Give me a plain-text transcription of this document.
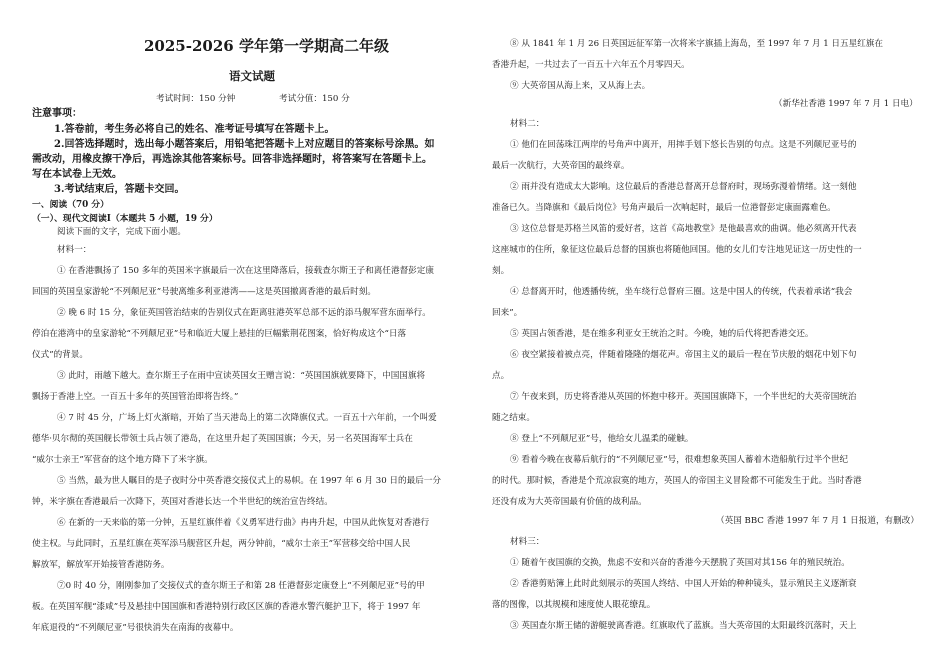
2025-2026 学年第一学期高二年级
语文试题
考试时间：150 分钟	考试分值：150 分
注意事项：
1.答卷前，考生务必将自己的姓名、准考证号填写在答题卡上。
2.回答选择题时，选出每小题答案后，用铅笔把答题卡上对应题目的答案标号涂黑。如
需改动，用橡皮擦干净后，再选涂其他答案标号。回答非选择题时，将答案写在答题卡上。
写在本试卷上无效。
3.考试结束后，答题卡交回。
一、阅读（70 分）
（一）、现代文阅读Ⅰ（本题共 5 小题，19 分）
阅读下面的文字，完成下面小题。
材料一：
① 在香港飘扬了 150 多年的英国米字旗最后一次在这里降落后，接载查尔斯王子和离任港督彭定康
回国的英国皇家游轮“不列颠尼亚”号驶离维多利亚港湾——这是英国撤离香港的最后时刻。
② 晚 6 时 15 分，象征英国管治结束的告别仪式在距离驻港英军总部不远的添马舰军营东面举行。
停泊在港湾中的皇家游轮“不列颠尼亚”号和临近大厦上悬挂的巨幅紫荆花图案，恰好构成这个“日落
仪式”的背景。
③ 此时，雨越下越大。查尔斯王子在雨中宣读英国女王赠言说：“英国国旗就要降下，中国国旗将
飘扬于香港上空。一百五十多年的英国管治即将告终。”
④ 7 时 45 分，广场上灯火渐暗，开始了当天港岛上的第二次降旗仪式。一百五十六年前，一个叫爱
德华·贝尔彻的英国舰长带领士兵占领了港岛，在这里升起了英国国旗；今天，另一名英国海军士兵在
“威尔士亲王”军营奋的这个地方降下了米字旗。
⑤ 当然，最为世人瞩目的是子夜时分中英香港交接仪式上的易帜。在 1997 年 6 月 30 日的最后一分
钟，米字旗在香港最后一次降下，英国对香港长达一个半世纪的统治宣告终结。
⑥ 在新的一天来临的第一分钟，五星红旗伴着《义勇军进行曲》冉冉升起，中国从此恢复对香港行
使主权。与此同时，五星红旗在英军添马舰营区升起，两分钟前，“威尔士亲王”军营移交给中国人民
解放军，解放军开始接管香港防务。
⑦0 时 40 分，刚刚参加了交接仪式的查尔斯王子和第 28 任港督彭定康登上“不列颠尼亚”号的甲
板。在英国军舰“漆咸”号及悬挂中国国旗和香港特别行政区区旗的香港水警汽艇护卫下，将于 1997 年
年底退役的“不列颠尼亚”号很快消失在南海的夜幕中。
⑧ 从 1841 年 1 月 26 日英国远征军第一次将米字旗插上海岛，至 1997 年 7 月 1 日五星红旗在
香港升起，一共过去了一百五十六年五个月零四天。
⑨ 大英帝国从海上来，又从海上去。
（新华社香港 1997 年 7 月 1 日电）
材料二：
① 他们在回荡珠江两岸的号角声中离开，用摔手划下悠长告别的句点。这是不列颠尼亚号的
最后一次航行，大英帝国的最终章。
② 雨并没有造成太大影响。这位最后的香港总督离开总督府时，现场弥漫着情绪。这一刻他
准备已久。当降旗和《最后岗位》号角声最后一次响起时，最后一位港督彭定康面露难色。
③ 这位总督是苏格兰风笛的爱好者，这首《高地教堂》是他最喜欢的曲调。他必须离开代表
这座城市的住所，象征这位最后总督的国旗也将随他回国。他的女儿们专注地见证这一历史性的一
刻。
④ 总督离开时，他透播传统，坐车绕行总督府三圈。这是中国人的传统，代表着承诺“我会
回来”。
⑤ 英国占领香港，是在维多利亚女王统治之时。今晚，她的后代将把香港交还。
⑥ 夜空紧接着被点亮，伴随着隆隆的烟花声。帝国主义的最后一程在节庆般的烟花中划下句
点。
⑦ 午夜来到，历史将香港从英国的怀抱中移开。英国国旗降下，一个半世纪的大英帝国统治
随之结束。
⑧ 登上“不列颠尼亚”号，他给女儿温柔的碰触。
⑨ 看着今晚在夜幕后航行的“不列颠尼亚”号，很难想象英国人蓄着木造船航行过半个世纪
的时代。那时候，香港是个荒凉寂寞的地方，英国人的帝国主义冒险都不可能发生于此。当时香港
还没有成为大英帝国最有价值的战利品。
（英国 BBC 香港 1997 年 7 月 1 日报道，有删改）
材料三：
① 随着午夜国旗的交换，焦虑不安和兴奋的香港今天摆脱了英国对其156 年的殖民统治。
② 香港剪贴簿上此时此刻展示的英国人终结、中国人开始的种种镜头，显示殖民主义逐渐衰
落的图像，以其规模和速度使人眼花缭乱。
③ 英国查尔斯王储的游艇驶离香港。红旗取代了蓝旗。当大英帝国的太阳最终沉落时，天上
